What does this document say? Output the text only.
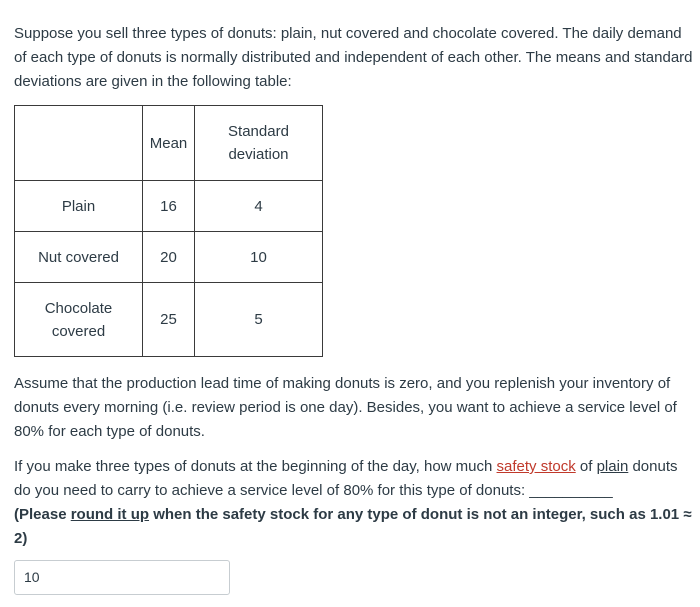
Suppose you sell three types of donuts: plain, nut covered and chocolate covered. The daily demand of each type of donuts is normally distributed and independent of each other. The means and standard deviations are given in the following table:

	Mean	Standard deviation
Plain	16	4
Nut covered	20	10
Chocolate covered	25	5

Assume that the production lead time of making donuts is zero, and you replenish your inventory of donuts every morning (i.e. review period is one day). Besides, you want to achieve a service level of 80% for each type of donuts.

If you make three types of donuts at the beginning of the day, how much safety stock of plain donuts do you need to carry to achieve a service level of 80% for this type of donuts: __________
(Please round it up when the safety stock for any type of donut is not an integer, such as 1.01 ≈ 2)

10
